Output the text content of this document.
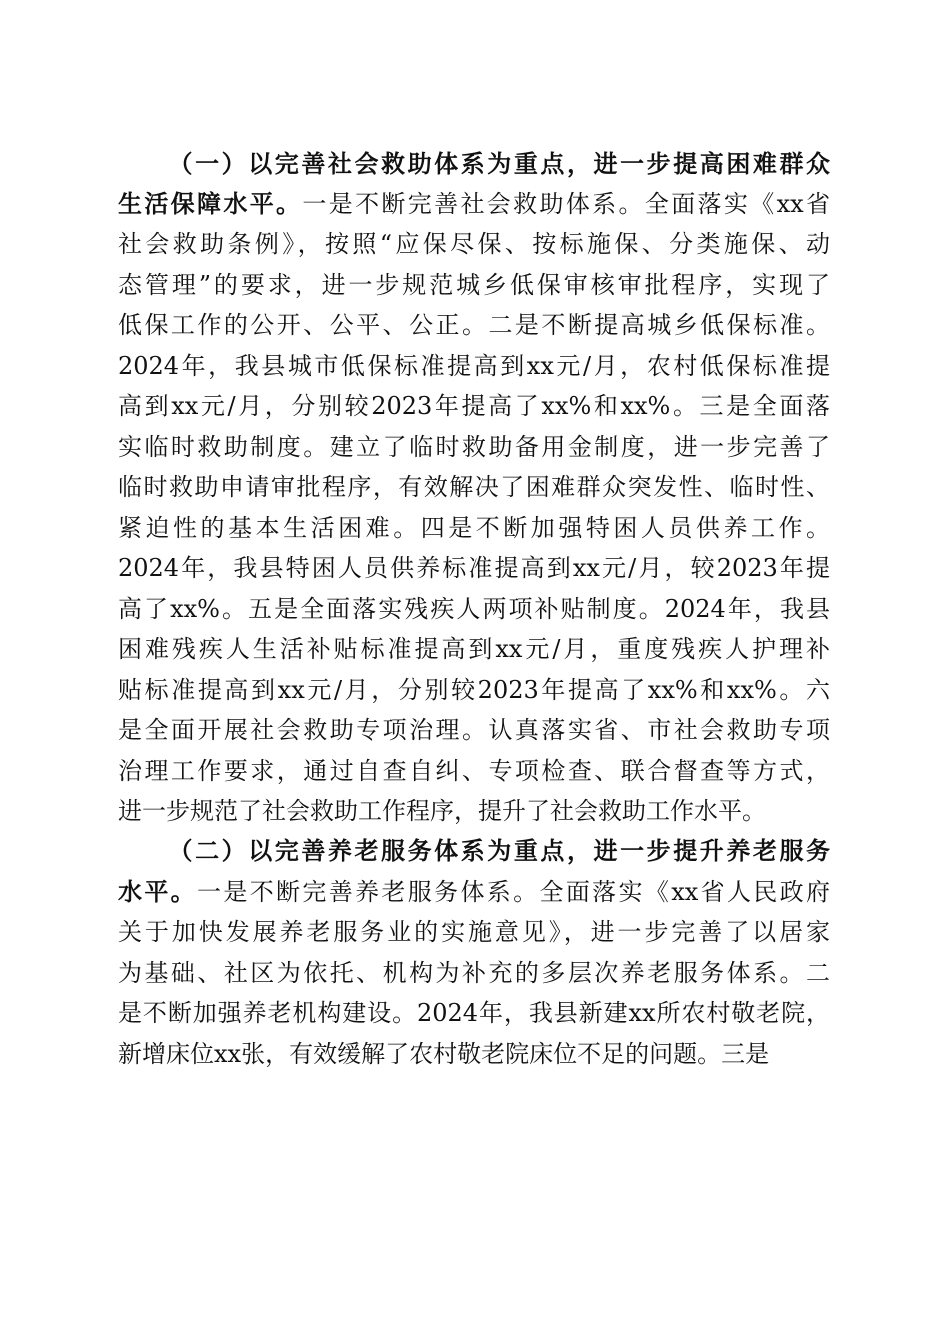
（一）以完善社会救助体系为重点，进一步提高困难群众
生活保障水平。一是不断完善社会救助体系。全面落实《xx省
社会救助条例》，按照“应保尽保、按标施保、分类施保、动
态管理”的要求，进一步规范城乡低保审核审批程序，实现了
低保工作的公开、公平、公正。二是不断提高城乡低保标准。
2024年，我县城市低保标准提高到xx元/月，农村低保标准提
高到xx元/月，分别较2023年提高了xx%和xx%。三是全面落
实临时救助制度。建立了临时救助备用金制度，进一步完善了
临时救助申请审批程序，有效解决了困难群众突发性、临时性、
紧迫性的基本生活困难。四是不断加强特困人员供养工作。
2024年，我县特困人员供养标准提高到xx元/月，较2023年提
高了xx%。五是全面落实残疾人两项补贴制度。2024年，我县
困难残疾人生活补贴标准提高到xx元/月，重度残疾人护理补
贴标准提高到xx元/月，分别较2023年提高了xx%和xx%。六
是全面开展社会救助专项治理。认真落实省、市社会救助专项
治理工作要求，通过自查自纠、专项检查、联合督查等方式，
进一步规范了社会救助工作程序，提升了社会救助工作水平。
（二）以完善养老服务体系为重点，进一步提升养老服务
水平。一是不断完善养老服务体系。全面落实《xx省人民政府
关于加快发展养老服务业的实施意见》，进一步完善了以居家
为基础、社区为依托、机构为补充的多层次养老服务体系。二
是不断加强养老机构建设。2024年，我县新建xx所农村敬老院，
新增床位xx张，有效缓解了农村敬老院床位不足的问题。三是
